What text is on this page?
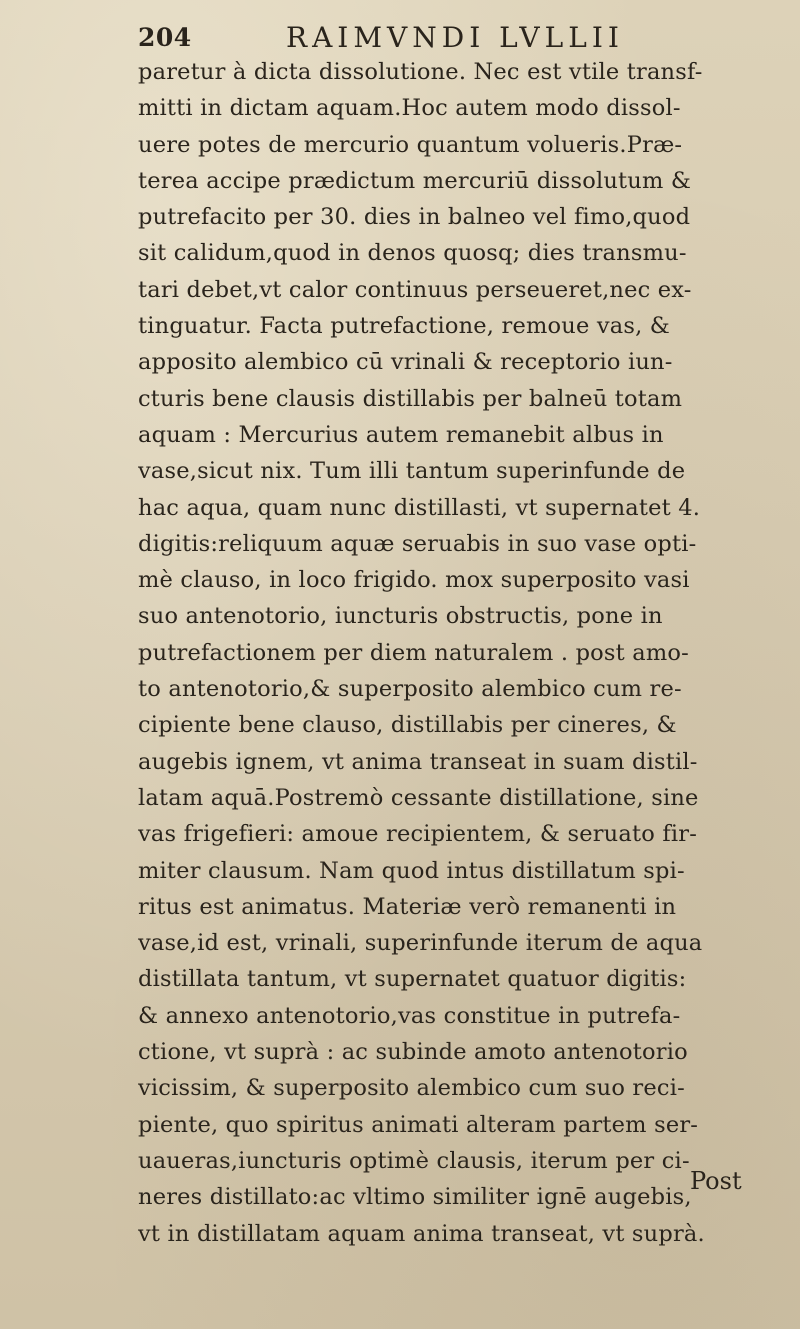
204	RAIMVNDI LVLLII
paretur à dicta dissolutione. Nec est vtile transf-
mitti in dictam aquam.Hoc autem modo dissol-
uere potes de mercurio quantum volueris.Præ-
terea accipe prædictum mercuriū dissolutum &
putrefacito per 30. dies in balneo vel fimo,quod
sit calidum,quod in denos quosq; dies transmu-
tari debet,vt calor continuus perseueret,nec ex-
tinguatur. Facta putrefactione, remoue vas, &
apposito alembico cū vrinali & receptorio iun-
cturis bene clausis distillabis per balneū totam
aquam : Mercurius autem remanebit albus in
vase,sicut nix. Tum illi tantum superinfunde de
hac aqua, quam nunc distillasti, vt supernatet 4.
digitis:reliquum aquæ seruabis in suo vase opti-
mè clauso, in loco frigido. mox superposito vasi
suo antenotorio, iuncturis obstructis, pone in
putrefactionem per diem naturalem . post amo-
to antenotorio,& superposito alembico cum re-
cipiente bene clauso, distillabis per cineres, &
augebis ignem, vt anima transeat in suam distil-
latam aquā.Postremò cessante distillatione, sine
vas frigefieri: amoue recipientem, & seruato fir-
miter clausum. Nam quod intus distillatum spi-
ritus est animatus. Materiæ verò remanenti in
vase,id est, vrinali, superinfunde iterum de aqua
distillata tantum, vt supernatet quatuor digitis:
& annexo antenotorio,vas constitue in putrefa-
ctione, vt suprà : ac subinde amoto antenotorio
vicissim, & superposito alembico cum suo reci-
piente, quo spiritus animati alteram partem ser-
uaueras,iuncturis optimè clausis, iterum per ci-
neres distillato:ac vltimo similiter ignē augebis,
vt in distillatam aquam anima transeat, vt suprà.
Post
